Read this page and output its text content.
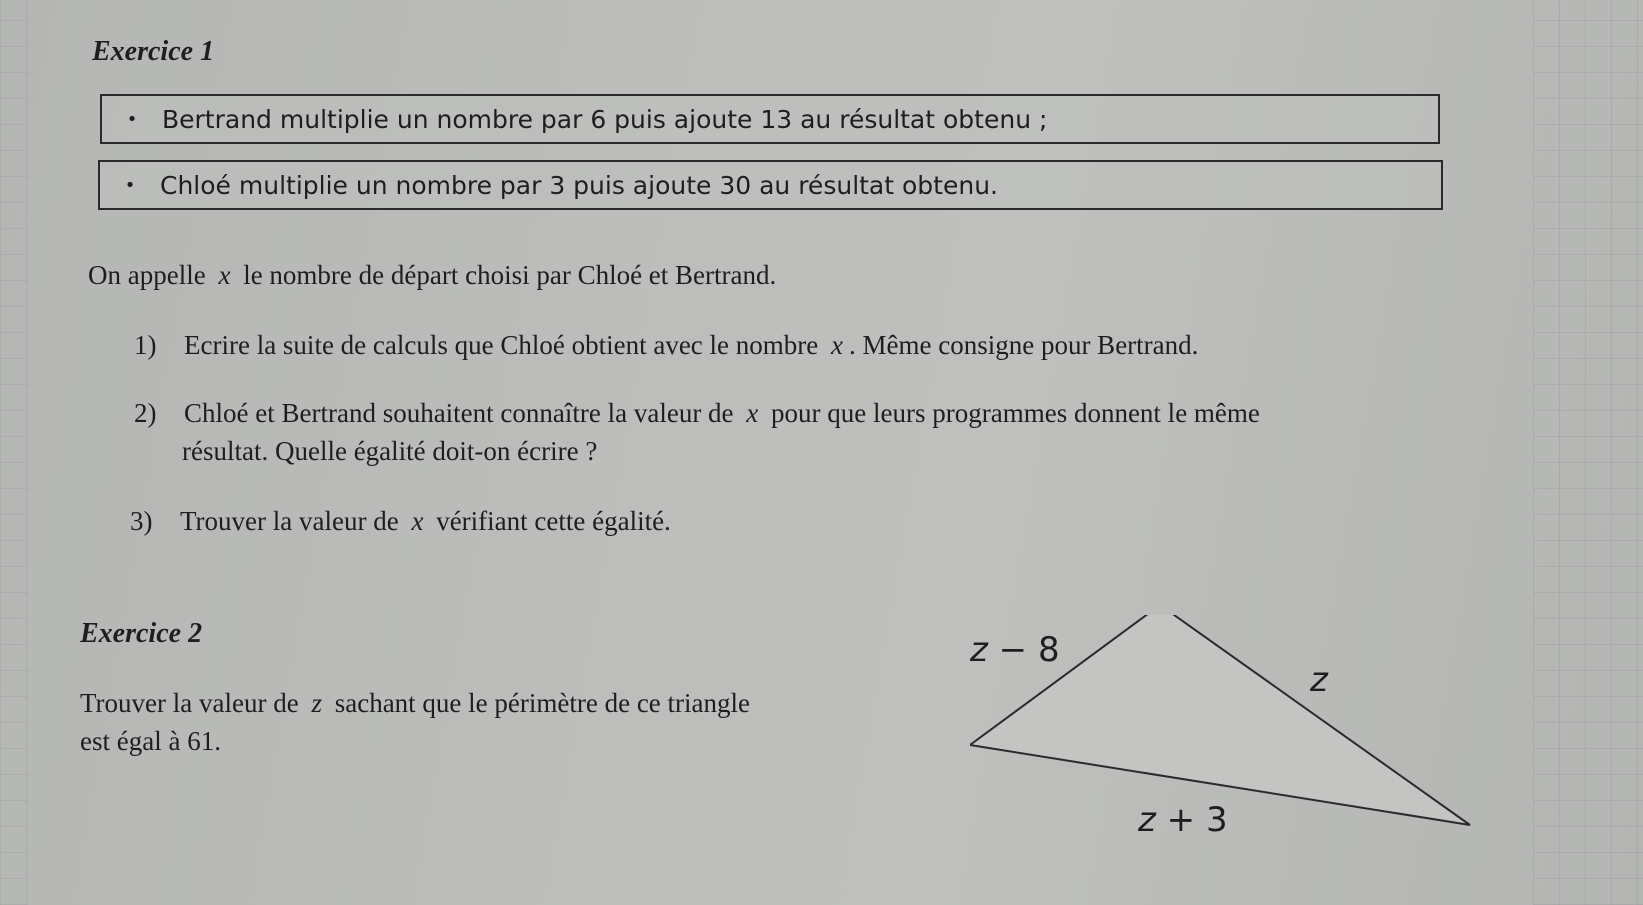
Exercice 1
• Bertrand multiplie un nombre par 6 puis ajoute 13 au résultat obtenu ;
• Chloé multiplie un nombre par 3 puis ajoute 30 au résultat obtenu.

On appelle x le nombre de départ choisi par Chloé et Bertrand.

1) Ecrire la suite de calculs que Chloé obtient avec le nombre x . Même consigne pour Bertrand.

2) Chloé et Bertrand souhaitent connaître la valeur de x pour que leurs programmes donnent le même

résultat. Quelle égalité doit-on écrire ?

3) Trouver la valeur de x vérifiant cette égalité.

Exercice 2

Trouver la valeur de z sachant que le périmètre de ce triangle

est égal à 61.

z − 8
z
z + 3
